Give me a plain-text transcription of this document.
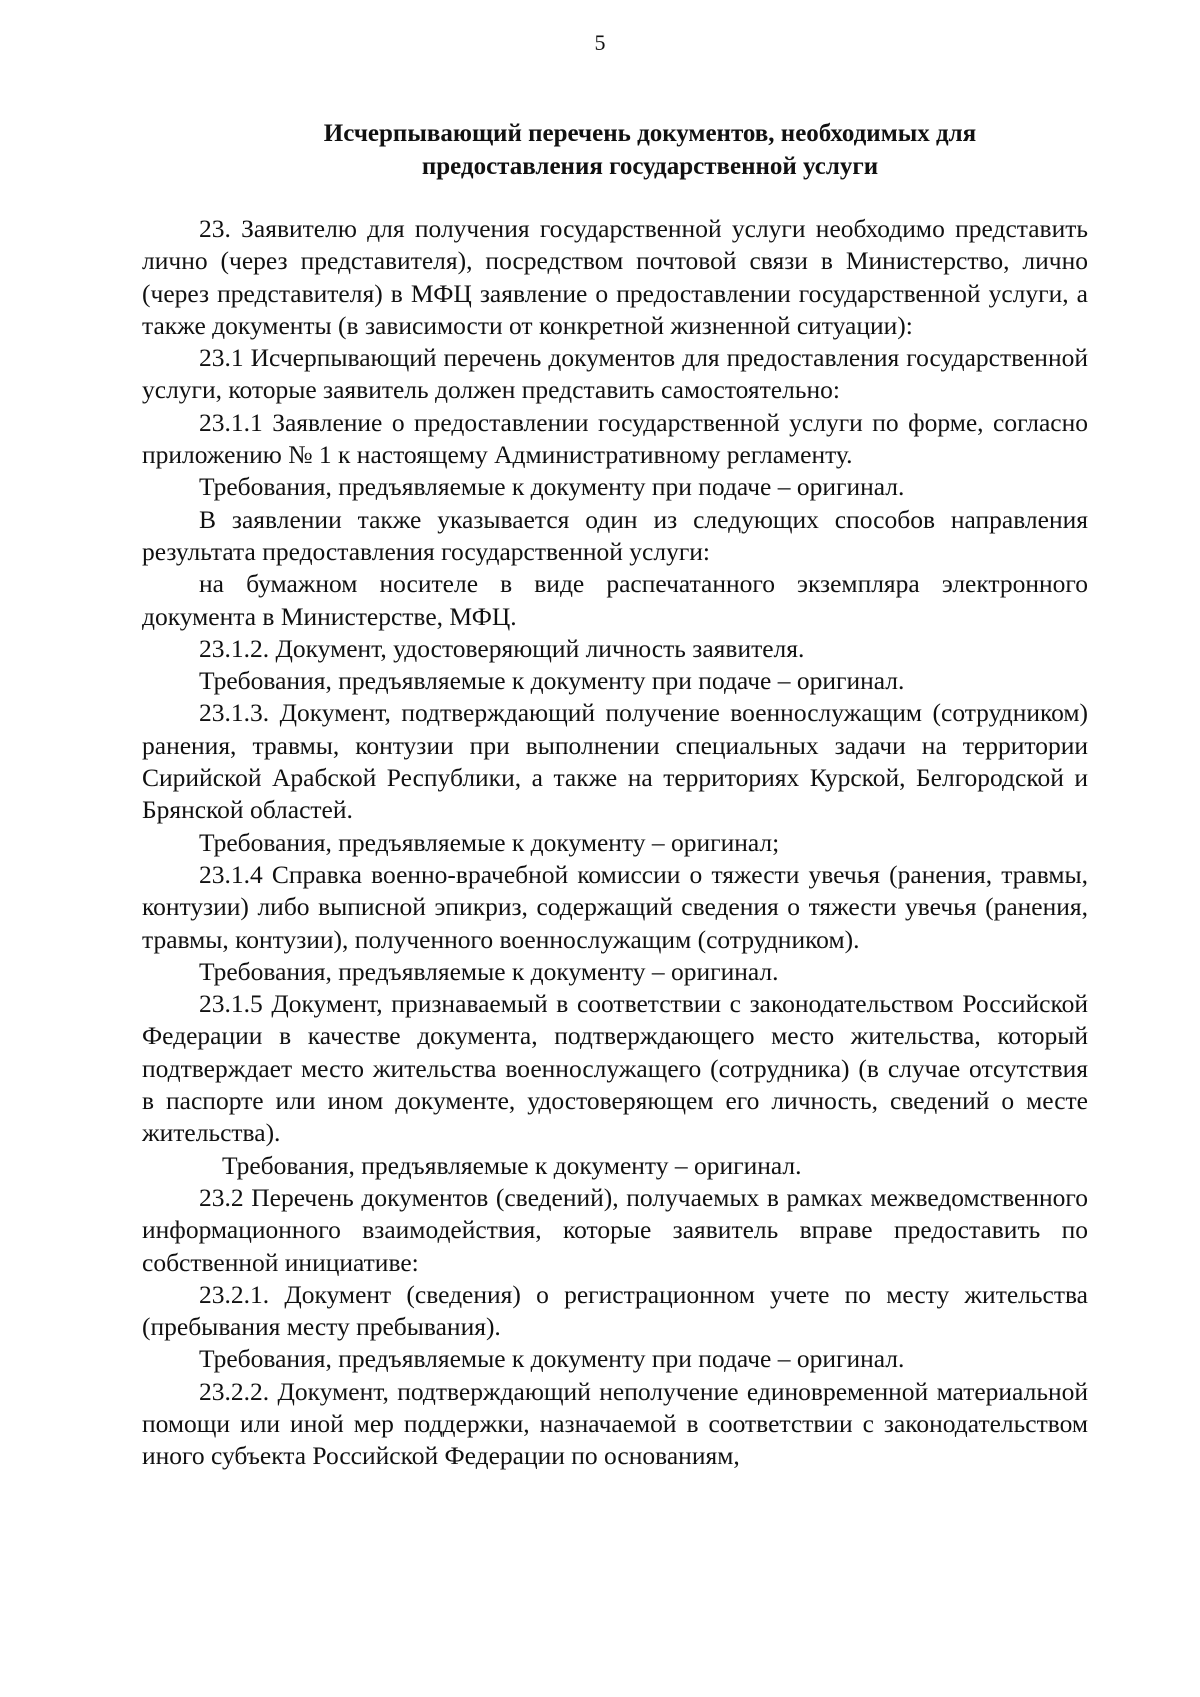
5
Исчерпывающий перечень документов, необходимых для
предоставления государственной услуги

23. Заявителю для получения государственной услуги необходимо представить лично (через представителя), посредством почтовой связи в Министерство, лично (через представителя) в МФЦ заявление о предоставлении государственной услуги, а также документы (в зависимости от конкретной жизненной ситуации):

23.1 Исчерпывающий перечень документов для предоставления государственной услуги, которые заявитель должен представить самостоятельно:

23.1.1 Заявление о предоставлении государственной услуги по форме, согласно приложению № 1 к настоящему Административному регламенту.

Требования, предъявляемые к документу при подаче – оригинал.

В заявлении также указывается один из следующих способов направления результата предоставления государственной услуги:

на бумажном носителе в виде распечатанного экземпляра электронного документа в Министерстве, МФЦ.

23.1.2. Документ, удостоверяющий личность заявителя.

Требования, предъявляемые к документу при подаче – оригинал.

23.1.3. Документ, подтверждающий получение военнослужащим (сотрудником) ранения, травмы, контузии при выполнении специальных задачи на территории Сирийской Арабской Республики, а также на территориях Курской, Белгородской и Брянской областей.

Требования, предъявляемые к документу – оригинал;

23.1.4 Справка военно-врачебной комиссии о тяжести увечья (ранения, травмы, контузии) либо выписной эпикриз, содержащий сведения о тяжести увечья (ранения, травмы, контузии), полученного военнослужащим (сотрудником).

Требования, предъявляемые к документу – оригинал.

23.1.5 Документ, признаваемый в соответствии с законодательством Российской Федерации в качестве документа, подтверждающего место жительства, который подтверждает место жительства военнослужащего (сотрудника) (в случае отсутствия в паспорте или ином документе, удостоверяющем его личность, сведений о месте жительства).

Требования, предъявляемые к документу – оригинал.

23.2 Перечень документов (сведений), получаемых в рамках межведомственного информационного взаимодействия, которые заявитель вправе предоставить по собственной инициативе:

23.2.1. Документ (сведения) о регистрационном учете по месту жительства (пребывания месту пребывания).

Требования, предъявляемые к документу при подаче – оригинал.

23.2.2. Документ, подтверждающий неполучение единовременной материальной помощи или иной мер поддержки, назначаемой в соответствии с законодательством иного субъекта Российской Федерации по основаниям,
